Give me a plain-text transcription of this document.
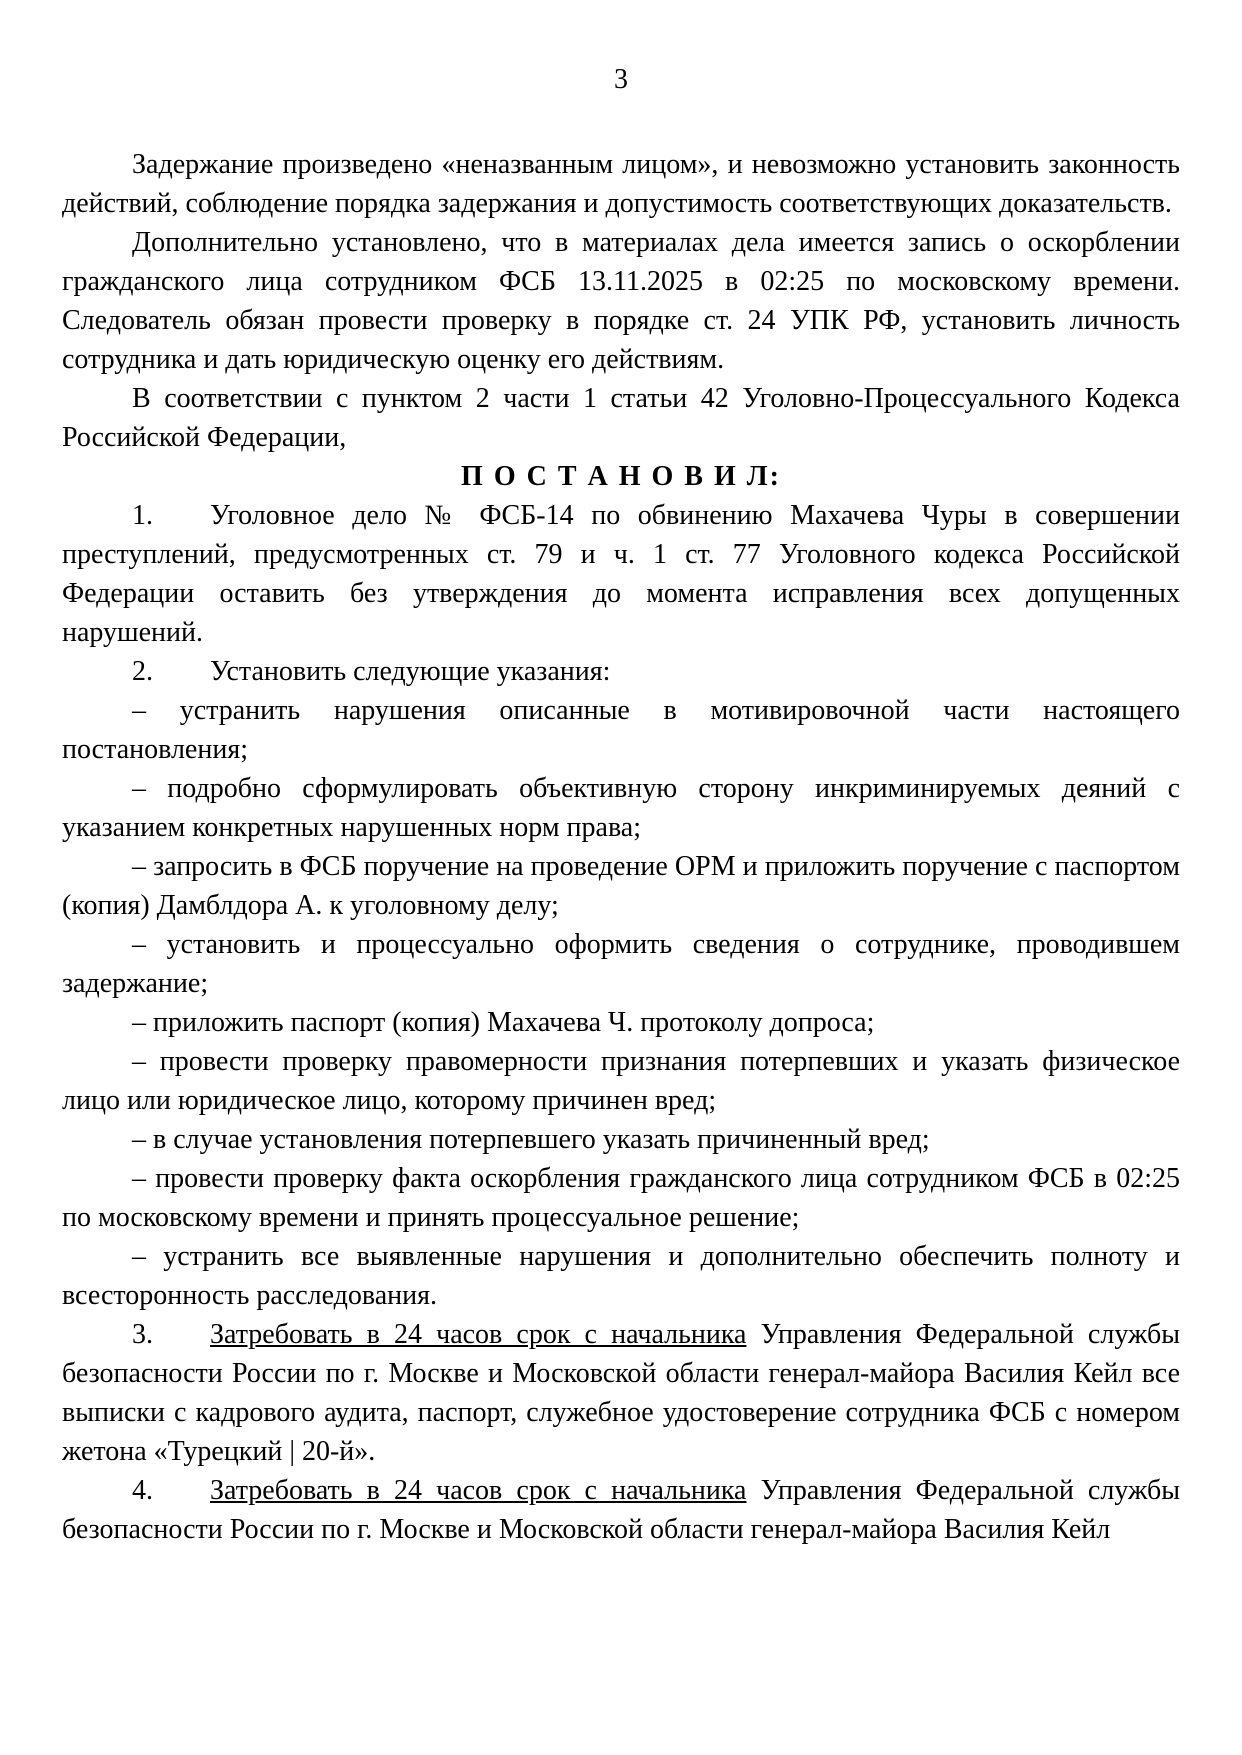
3

Задержание произведено «неназванным лицом», и невозможно установить законность действий, соблюдение порядка задержания и допустимость соответствующих доказательств.

Дополнительно установлено, что в материалах дела имеется запись о оскорблении гражданского лица сотрудником ФСБ 13.11.2025 в 02:25 по московскому времени. Следователь обязан провести проверку в порядке ст. 24 УПК РФ, установить личность сотрудника и дать юридическую оценку его действиям.

В соответствии с пунктом 2 части 1 статьи 42 Уголовно-Процессуального Кодекса Российской Федерации,

П О С Т А Н О В И Л:

1. Уголовное дело № ФСБ-14 по обвинению Махачева Чуры в совершении преступлений, предусмотренных ст. 79 и ч. 1 ст. 77 Уголовного кодекса Российской Федерации оставить без утверждения до момента исправления всех допущенных нарушений.

2. Установить следующие указания:

– устранить нарушения описанные в мотивировочной части настоящего постановления;

– подробно сформулировать объективную сторону инкриминируемых деяний с указанием конкретных нарушенных норм права;

– запросить в ФСБ поручение на проведение ОРМ и приложить поручение с паспортом (копия) Дамблдора А. к уголовному делу;

– установить и процессуально оформить сведения о сотруднике, проводившем задержание;

– приложить паспорт (копия) Махачева Ч. протоколу допроса;

– провести проверку правомерности признания потерпевших и указать физическое лицо или юридическое лицо, которому причинен вред;

– в случае установления потерпевшего указать причиненный вред;

– провести проверку факта оскорбления гражданского лица сотрудником ФСБ в 02:25 по московскому времени и принять процессуальное решение;

– устранить все выявленные нарушения и дополнительно обеспечить полноту и всесторонность расследования.

3. Затребовать в 24 часов срок с начальника Управления Федеральной службы безопасности России по г. Москве и Московской области генерал-майора Василия Кейл все выписки с кадрового аудита, паспорт, служебное удостоверение сотрудника ФСБ с номером жетона «Турецкий | 20-й».

4. Затребовать в 24 часов срок с начальника Управления Федеральной службы безопасности России по г. Москве и Московской области генерал-майора Василия Кейл
